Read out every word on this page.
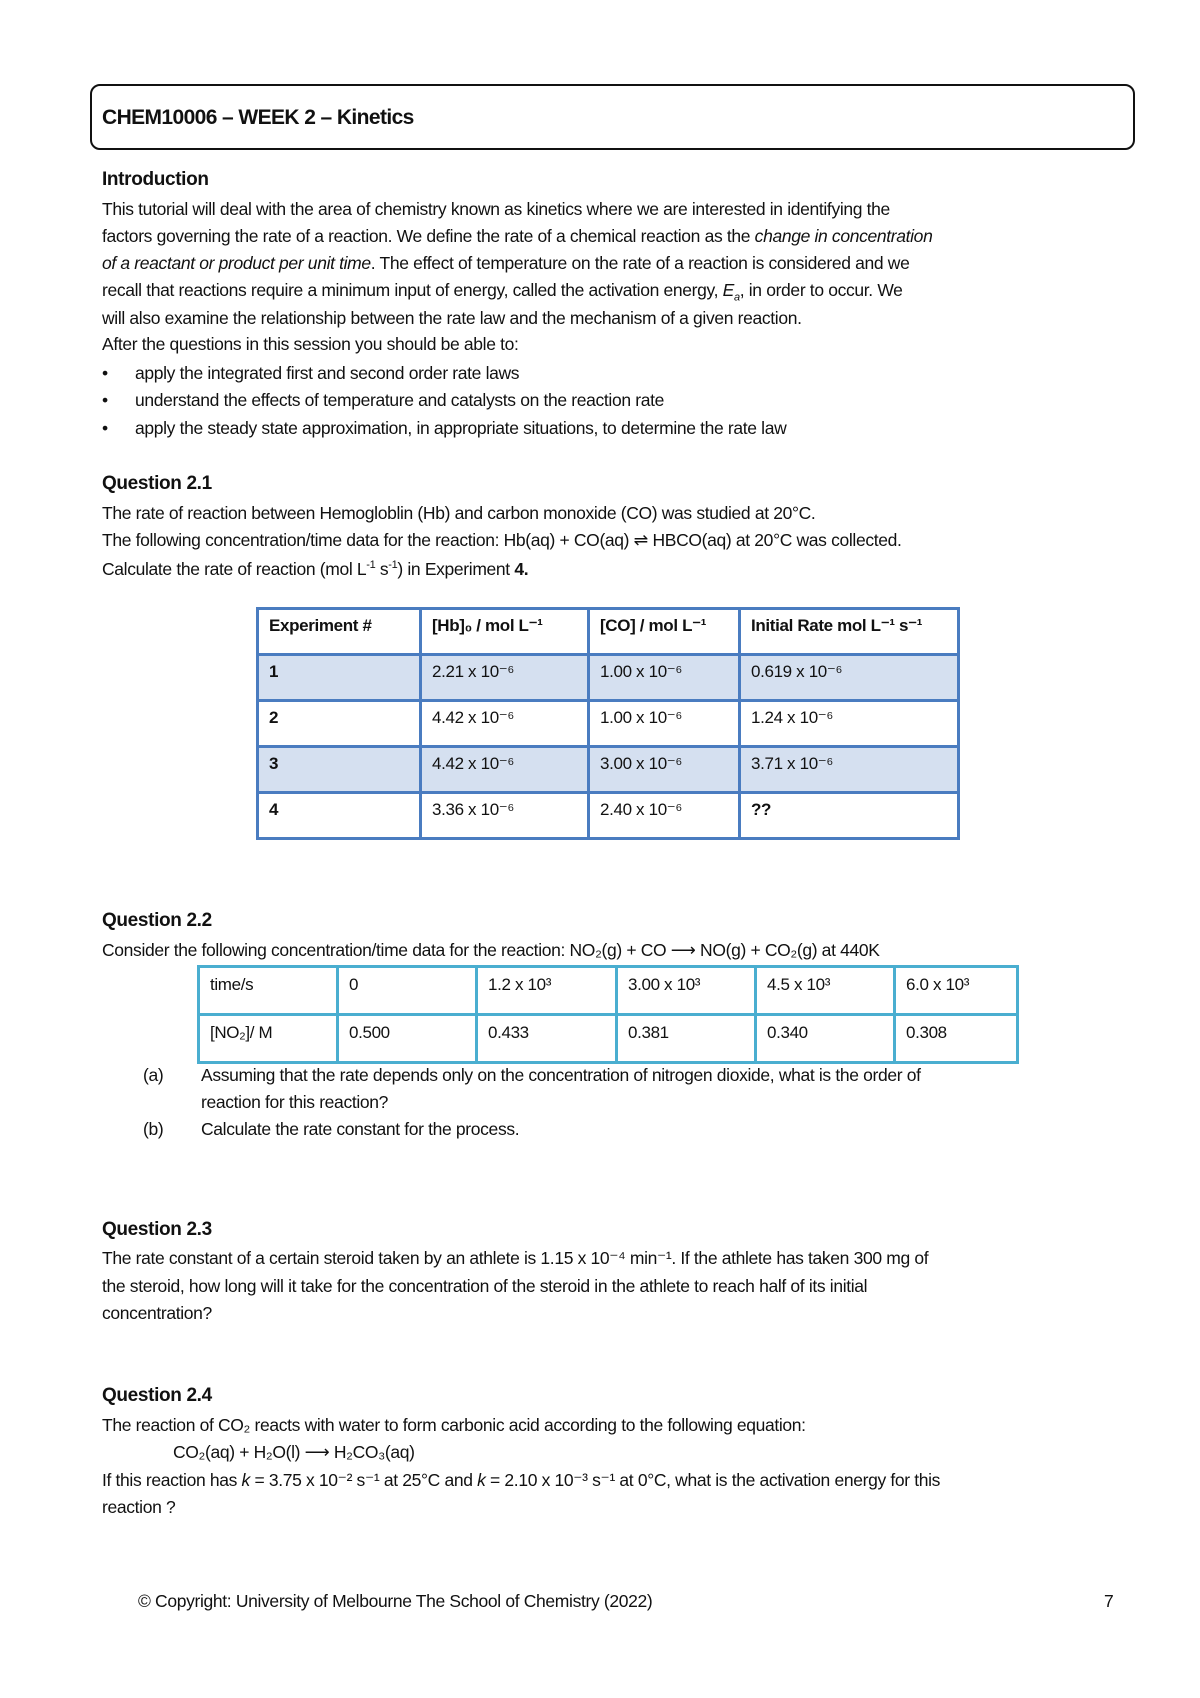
CHEM10006 – WEEK 2 – Kinetics
Introduction
This tutorial will deal with the area of chemistry known as kinetics where we are interested in identifying the
factors governing the rate of a reaction. We define the rate of a chemical reaction as the change in concentration
of a reactant or product per unit time. The effect of temperature on the rate of a reaction is considered and we
recall that reactions require a minimum input of energy, called the activation energy, $E_a$, in order to occur. We
will also examine the relationship between the rate law and the mechanism of a given reaction.
After the questions in this session you should be able to:
• apply the integrated first and second order rate laws
• understand the effects of temperature and catalysts on the reaction rate
• apply the steady state approximation, in appropriate situations, to determine the rate law
Question 2.1
The rate of reaction between Hemogloblin (Hb) and carbon monoxide (CO) was studied at 20°C.
The following concentration/time data for the reaction: Hb(aq) + CO(aq) ⇌ HBCO(aq) at 20°C was collected.
Calculate the rate of reaction (mol $L^{-1}$ $s^{-1}$) in Experiment 4.
Experiment #	[Hb]₀ / mol L⁻¹	[CO] / mol L⁻¹	Initial Rate mol L⁻¹ s⁻¹
1	2.21 x 10⁻⁶	1.00 x 10⁻⁶	0.619 x 10⁻⁶
2	4.42 x 10⁻⁶	1.00 x 10⁻⁶	1.24 x 10⁻⁶
3	4.42 x 10⁻⁶	3.00 x 10⁻⁶	3.71 x 10⁻⁶
4	3.36 x 10⁻⁶	2.40 x 10⁻⁶	??
Question 2.2
Consider the following concentration/time data for the reaction: NO₂(g) + CO ⟶ NO(g) + CO₂(g) at 440K
time/s	0	1.2 x 10³	3.00 x 10³	4.5 x 10³	6.0 x 10³
[NO₂]/ M	0.500	0.433	0.381	0.340	0.308
(a) Assuming that the rate depends only on the concentration of nitrogen dioxide, what is the order of
reaction for this reaction?
(b) Calculate the rate constant for the process.
Question 2.3
The rate constant of a certain steroid taken by an athlete is 1.15 x 10⁻⁴ min⁻¹. If the athlete has taken 300 mg of
the steroid, how long will it take for the concentration of the steroid in the athlete to reach half of its initial
concentration?
Question 2.4
The reaction of CO₂ reacts with water to form carbonic acid according to the following equation:
CO₂(aq) + H₂O(l) ⟶ H₂CO₃(aq)
If this reaction has k = 3.75 x 10⁻² s⁻¹ at 25°C and k = 2.10 x 10⁻³ s⁻¹ at 0°C, what is the activation energy for this
reaction ?
© Copyright: University of Melbourne The School of Chemistry (2022)	7
